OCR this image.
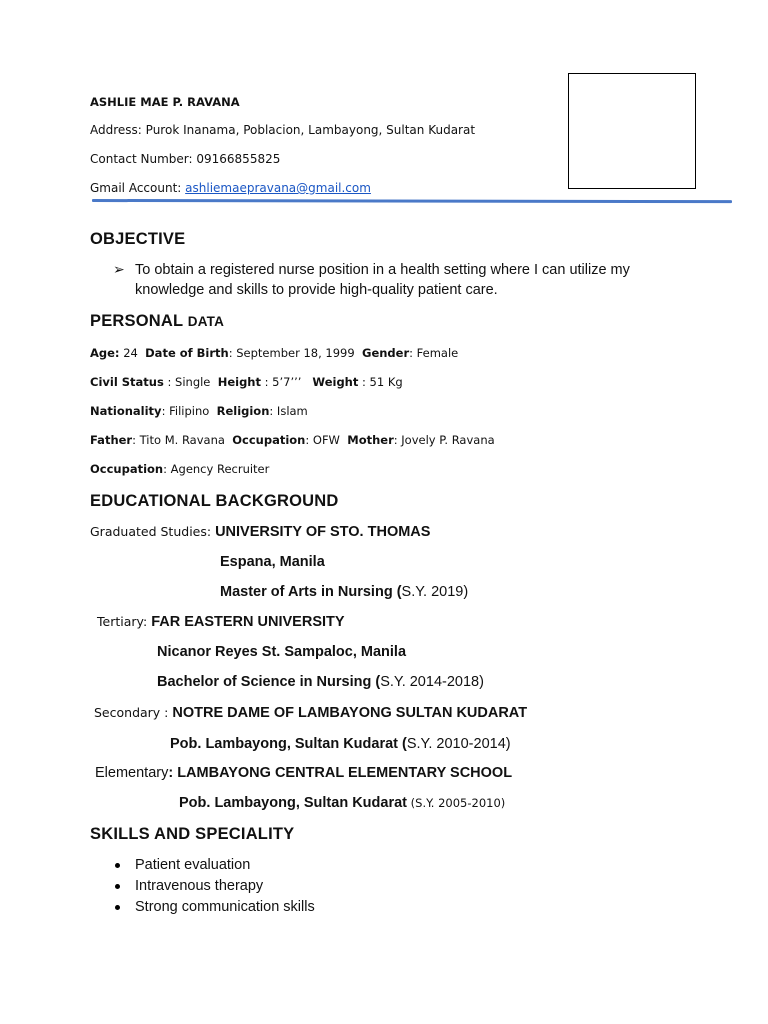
ASHLIE MAE P. RAVANA
Address: Purok Inanama, Poblacion, Lambayong, Sultan Kudarat
Contact Number: 09166855825
Gmail Account: ashliemaepravana@gmail.com
OBJECTIVE
➢ To obtain a registered nurse position in a health setting where I can utilize my
knowledge and skills to provide high-quality patient care.
PERSONAL DATA
Age: 24 Date of Birth: September 18, 1999 Gender: Female
Civil Status : Single Height : 5’7’’’ Weight : 51 Kg
Nationality: Filipino Religion: Islam
Father: Tito M. Ravana Occupation: OFW Mother: Jovely P. Ravana
Occupation: Agency Recruiter
EDUCATIONAL BACKGROUND
Graduated Studies: UNIVERSITY OF STO. THOMAS
Espana, Manila
Master of Arts in Nursing (S.Y. 2019)
Tertiary: FAR EASTERN UNIVERSITY
Nicanor Reyes St. Sampaloc, Manila
Bachelor of Science in Nursing (S.Y. 2014-2018)
Secondary : NOTRE DAME OF LAMBAYONG SULTAN KUDARAT
Pob. Lambayong, Sultan Kudarat (S.Y. 2010-2014)
Elementary: LAMBAYONG CENTRAL ELEMENTARY SCHOOL
Pob. Lambayong, Sultan Kudarat (S.Y. 2005-2010)
SKILLS AND SPECIALITY
Patient evaluation
Intravenous therapy
Strong communication skills
